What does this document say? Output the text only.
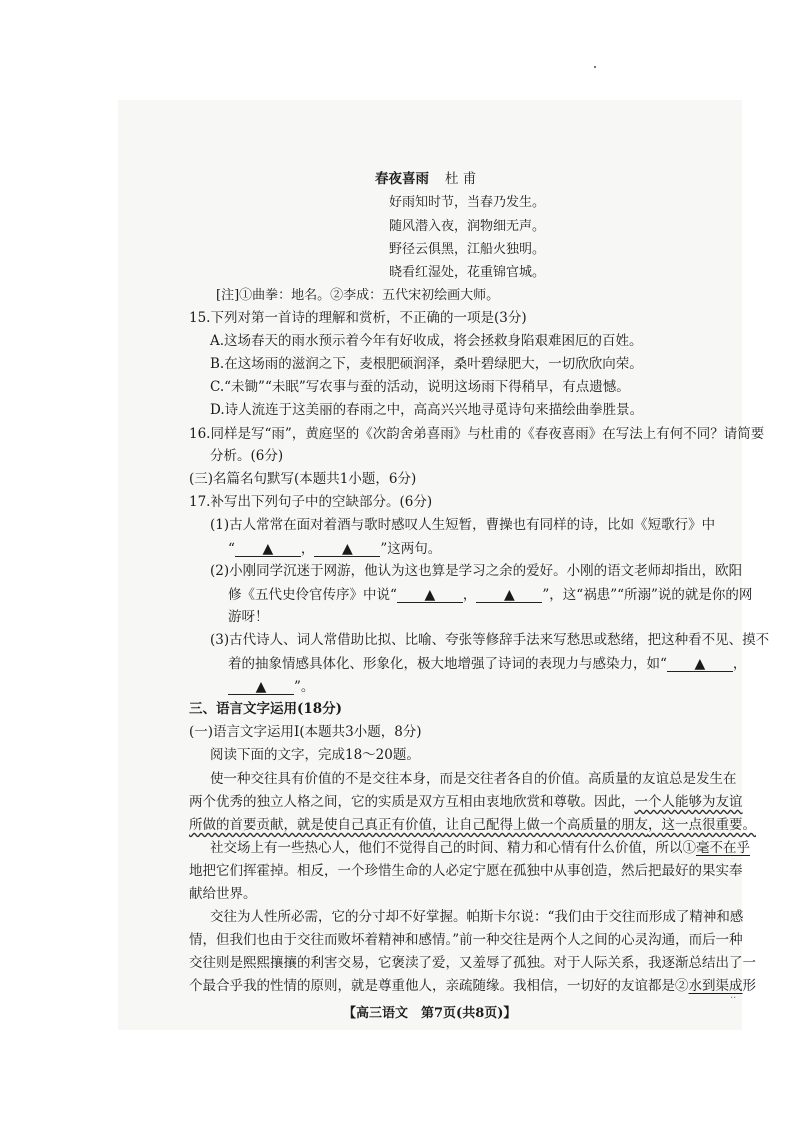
··
春夜喜雨 杜 甫
好雨知时节，当春乃发生。
随风潜入夜，润物细无声。
野径云俱黑，江船火独明。
晓看红湿处，花重锦官城。
[注]①曲拳：地名。②李成：五代宋初绘画大师。
15.下列对第一首诗的理解和赏析，不正确的一项是(3分)
A.这场春天的雨水预示着今年有好收成，将会拯救身陷艰难困厄的百姓。
B.在这场雨的滋润之下，麦根肥硕润泽，桑叶碧绿肥大，一切欣欣向荣。
C.“未锄”“未眠”写农事与蚕的活动，说明这场雨下得稍早，有点遗憾。
D.诗人流连于这美丽的春雨之中，高高兴兴地寻觅诗句来描绘曲拳胜景。
16.同样是写“雨”，黄庭坚的《次韵舍弟喜雨》与杜甫的《春夜喜雨》在写法上有何不同？请简要
分析。(6分)
(三)名篇名句默写(本题共1小题，6分)
17.补写出下列句子中的空缺部分。(6分)
(1)古人常常在面对着酒与歌时感叹人生短暂，曹操也有同样的诗，比如《短歌行》中
“ ▲ ， ▲ ”这两句。
(2)小刚同学沉迷于网游，他认为这也算是学习之余的爱好。小刚的语文老师却指出，欧阳
修《五代史伶官传序》中说“ ▲ ， ▲ ”，这“祸患”“所溺”说的就是你的网
游呀！
(3)古代诗人、词人常借助比拟、比喻、夸张等修辞手法来写愁思或愁绪，把这种看不见、摸不
着的抽象情感具体化、形象化，极大地增强了诗词的表现力与感染力，如“ ▲ ，
▲ ”。
三、语言文字运用(18分)
(一)语言文字运用Ⅰ(本题共3小题，8分)
阅读下面的文字，完成18～20题。
使一种交往具有价值的不是交往本身，而是交往者各自的价值。高质量的友谊总是发生在
两个优秀的独立人格之间，它的实质是双方互相由衷地欣赏和尊敬。因此，一个人能够为友谊
所做的首要贡献，就是使自己真正有价值，让自己配得上做一个高质量的朋友，这一点很重要。
社交场上有一些热心人，他们不觉得自己的时间、精力和心情有什么价值，所以①毫不在乎
地把它们挥霍掉。相反，一个珍惜生命的人必定宁愿在孤独中从事创造，然后把最好的果实奉
献给世界。
交往为人性所必需，它的分寸却不好掌握。帕斯卡尔说：“我们由于交往而形成了精神和感
情，但我们也由于交往而败坏着精神和感情。”前一种交往是两个人之间的心灵沟通，而后一种
交往则是熙熙攘攘的利害交易，它褒渎了爱，又羞辱了孤独。对于人际关系，我逐渐总结出了一
个最合乎我的性情的原则，就是尊重他人，亲疏随缘。我相信，一切好的友谊都是②水到渠成形
【高三语文　第7页(共8页)】
